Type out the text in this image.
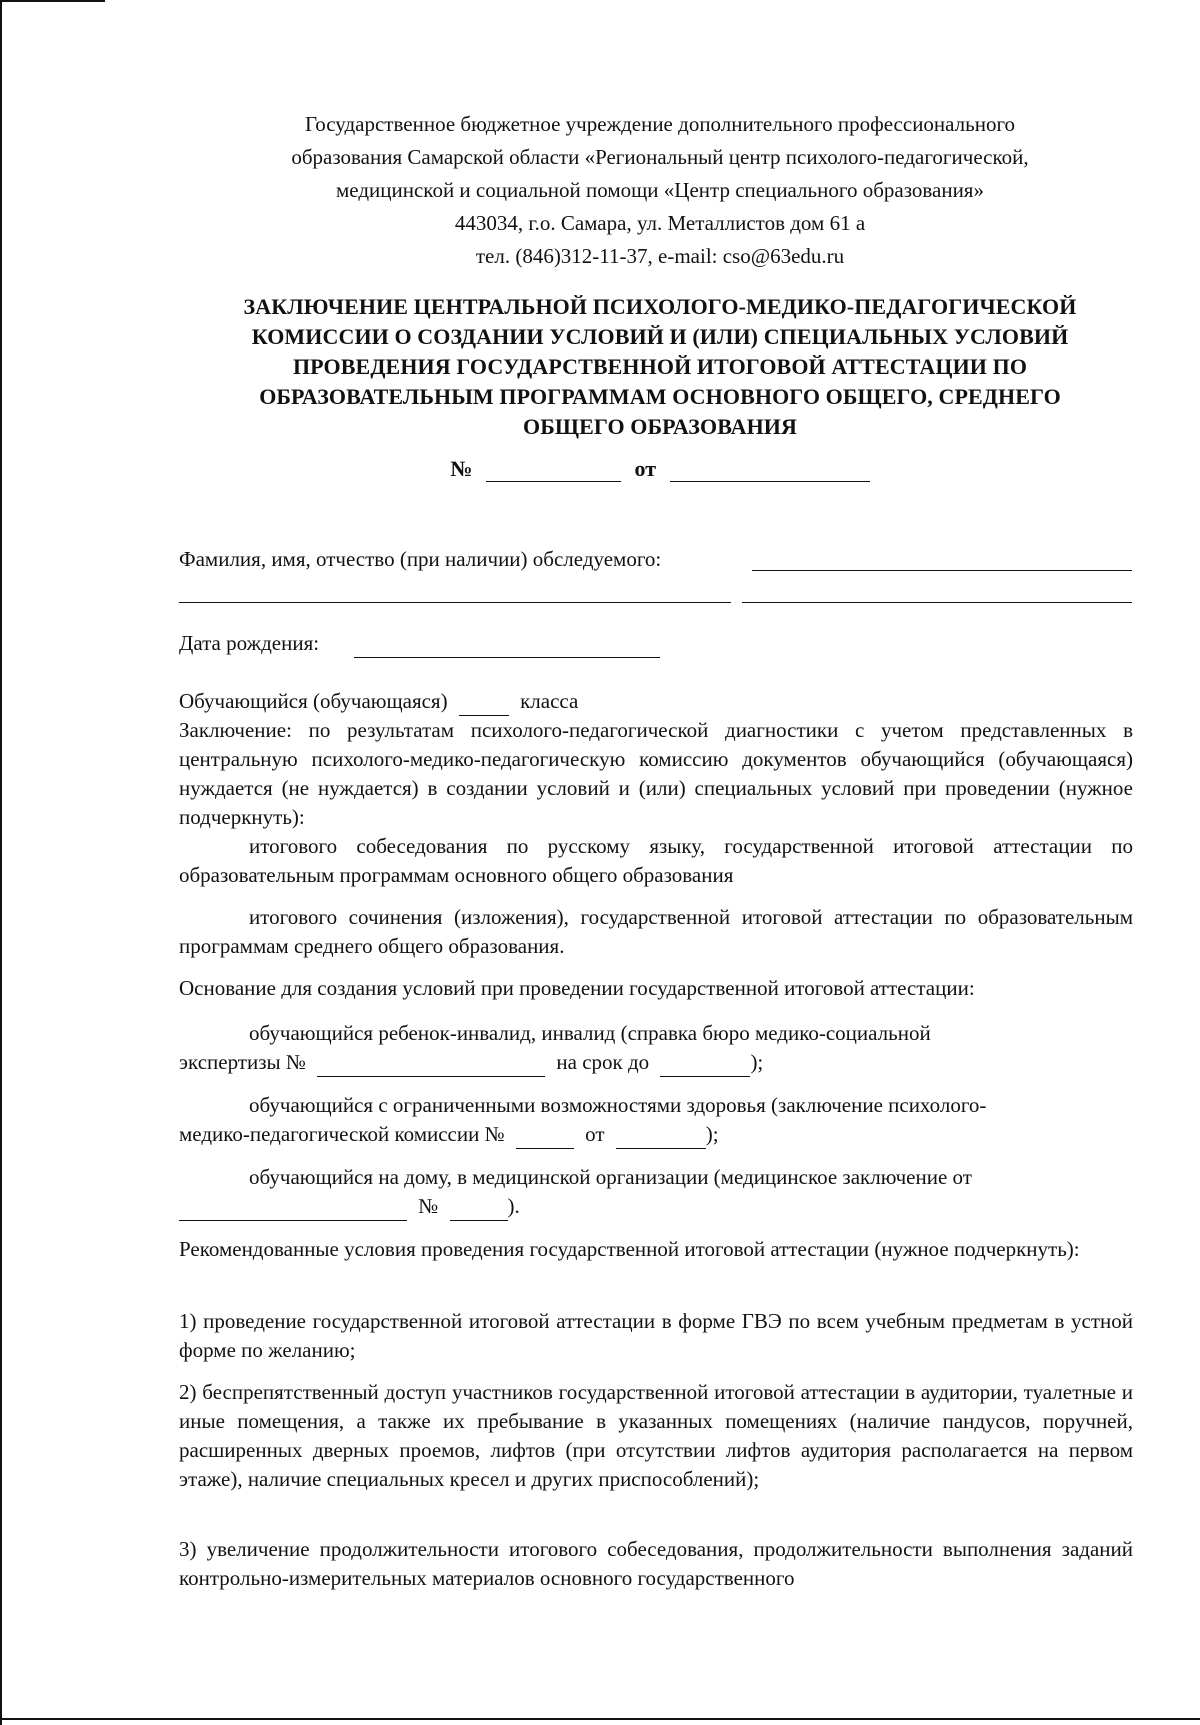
Государственное бюджетное учреждение дополнительного профессионального
образования Самарской области «Региональный центр психолого-педагогической,
медицинской и социальной помощи «Центр специального образования»
443034, г.о. Самара, ул. Металлистов дом 61 а
тел. (846)312-11-37, e-mail: cso@63edu.ru
ЗАКЛЮЧЕНИЕ ЦЕНТРАЛЬНОЙ ПСИХОЛОГО-МЕДИКО-ПЕДАГОГИЧЕСКОЙ
КОМИССИИ О СОЗДАНИИ УСЛОВИЙ И (ИЛИ) СПЕЦИАЛЬНЫХ УСЛОВИЙ
ПРОВЕДЕНИЯ ГОСУДАРСТВЕННОЙ ИТОГОВОЙ АТТЕСТАЦИИ ПО
ОБРАЗОВАТЕЛЬНЫМ ПРОГРАММАМ ОСНОВНОГО ОБЩЕГО, СРЕДНЕГО
ОБЩЕГО ОБРАЗОВАНИЯ
№	от
Фамилия, имя, отчество (при наличии) обследуемого:
Дата рождения:
Обучающийся (обучающаяся)	класса
Заключение: по результатам психолого-педагогической диагностики с учетом представленных в центральную психолого-медико-педагогическую комиссию документов обучающийся (обучающаяся) нуждается (не нуждается) в создании условий и (или) специальных условий при проведении (нужное подчеркнуть):
итогового собеседования по русскому языку, государственной итоговой аттестации по образовательным программам основного общего образования
итогового сочинения (изложения), государственной итоговой аттестации по образовательным программам среднего общего образования.
Основание для создания условий при проведении государственной итоговой аттестации:
обучающийся ребенок-инвалид, инвалид (справка бюро медико-социальной
экспертизы №	на срок до	);
обучающийся с ограниченными возможностями здоровья (заключение психолого-
медико-педагогической комиссии №	от	);
обучающийся на дому, в медицинской организации (медицинское заключение от
№	).
Рекомендованные условия проведения государственной итоговой аттестации (нужное подчеркнуть):
1) проведение государственной итоговой аттестации в форме ГВЭ по всем учебным предметам в устной форме по желанию;
2) беспрепятственный доступ участников государственной итоговой аттестации в аудитории, туалетные и иные помещения, а также их пребывание в указанных помещениях (наличие пандусов, поручней, расширенных дверных проемов, лифтов (при отсутствии лифтов аудитория располагается на первом этаже), наличие специальных кресел и других приспособлений);
3) увеличение продолжительности итогового собеседования, продолжительности выполнения заданий контрольно-измерительных материалов основного государственного
